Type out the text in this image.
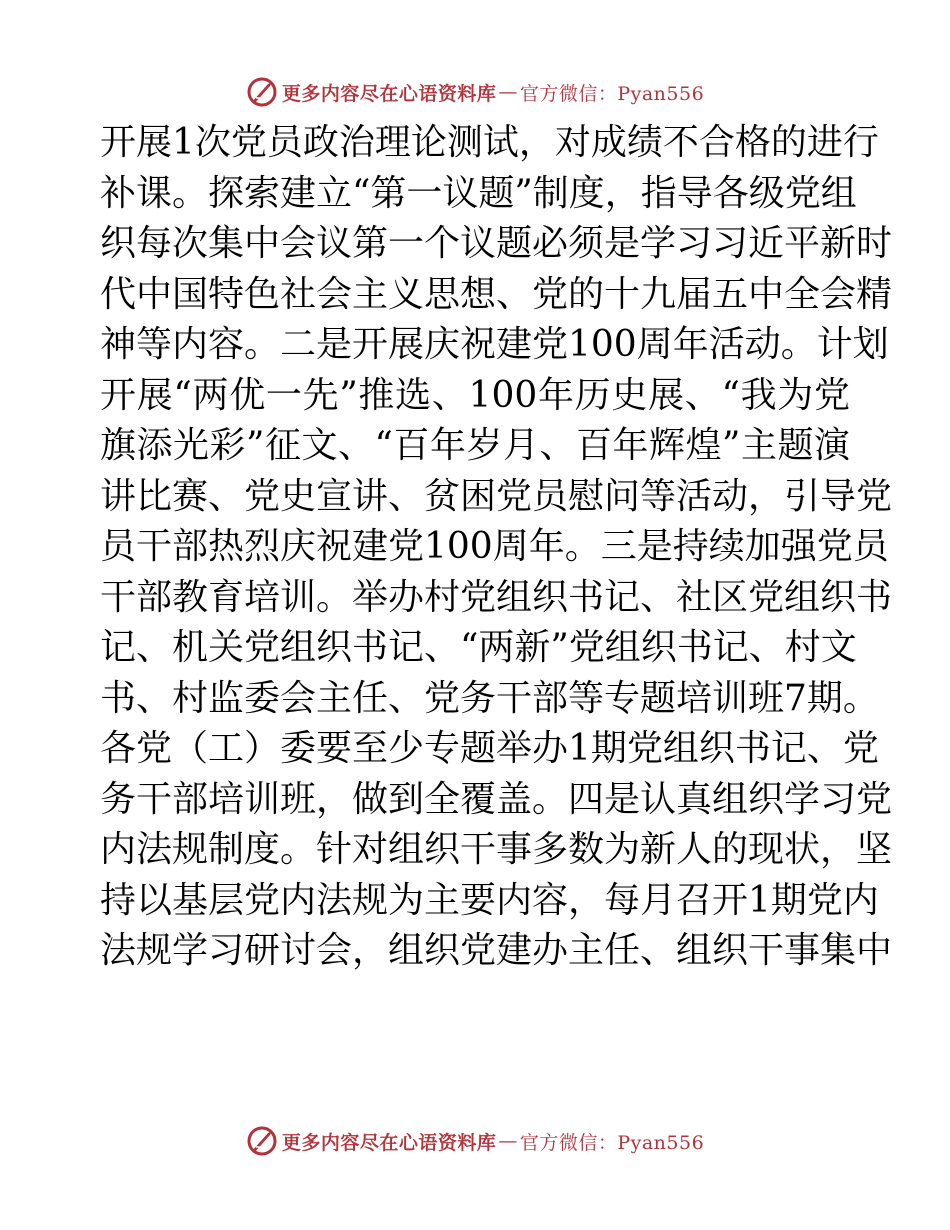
更多内容尽在心语资料库 — 官方微信：Pyan556
开展1次党员政治理论测试，对成绩不合格的进行
补课。探索建立“第一议题”制度，指导各级党组
织每次集中会议第一个议题必须是学习习近平新时
代中国特色社会主义思想、党的十九届五中全会精
神等内容。二是开展庆祝建党100周年活动。计划
开展“两优一先”推选、100年历史展、“我为党
旗添光彩”征文、“百年岁月、百年辉煌”主题演
讲比赛、党史宣讲、贫困党员慰问等活动，引导党
员干部热烈庆祝建党100周年。三是持续加强党员
干部教育培训。举办村党组织书记、社区党组织书
记、机关党组织书记、“两新”党组织书记、村文
书、村监委会主任、党务干部等专题培训班7期。
各党（工）委要至少专题举办1期党组织书记、党
务干部培训班，做到全覆盖。四是认真组织学习党
内法规制度。针对组织干事多数为新人的现状，坚
持以基层党内法规为主要内容，每月召开1期党内
法规学习研讨会，组织党建办主任、组织干事集中
更多内容尽在心语资料库 — 官方微信：Pyan556
